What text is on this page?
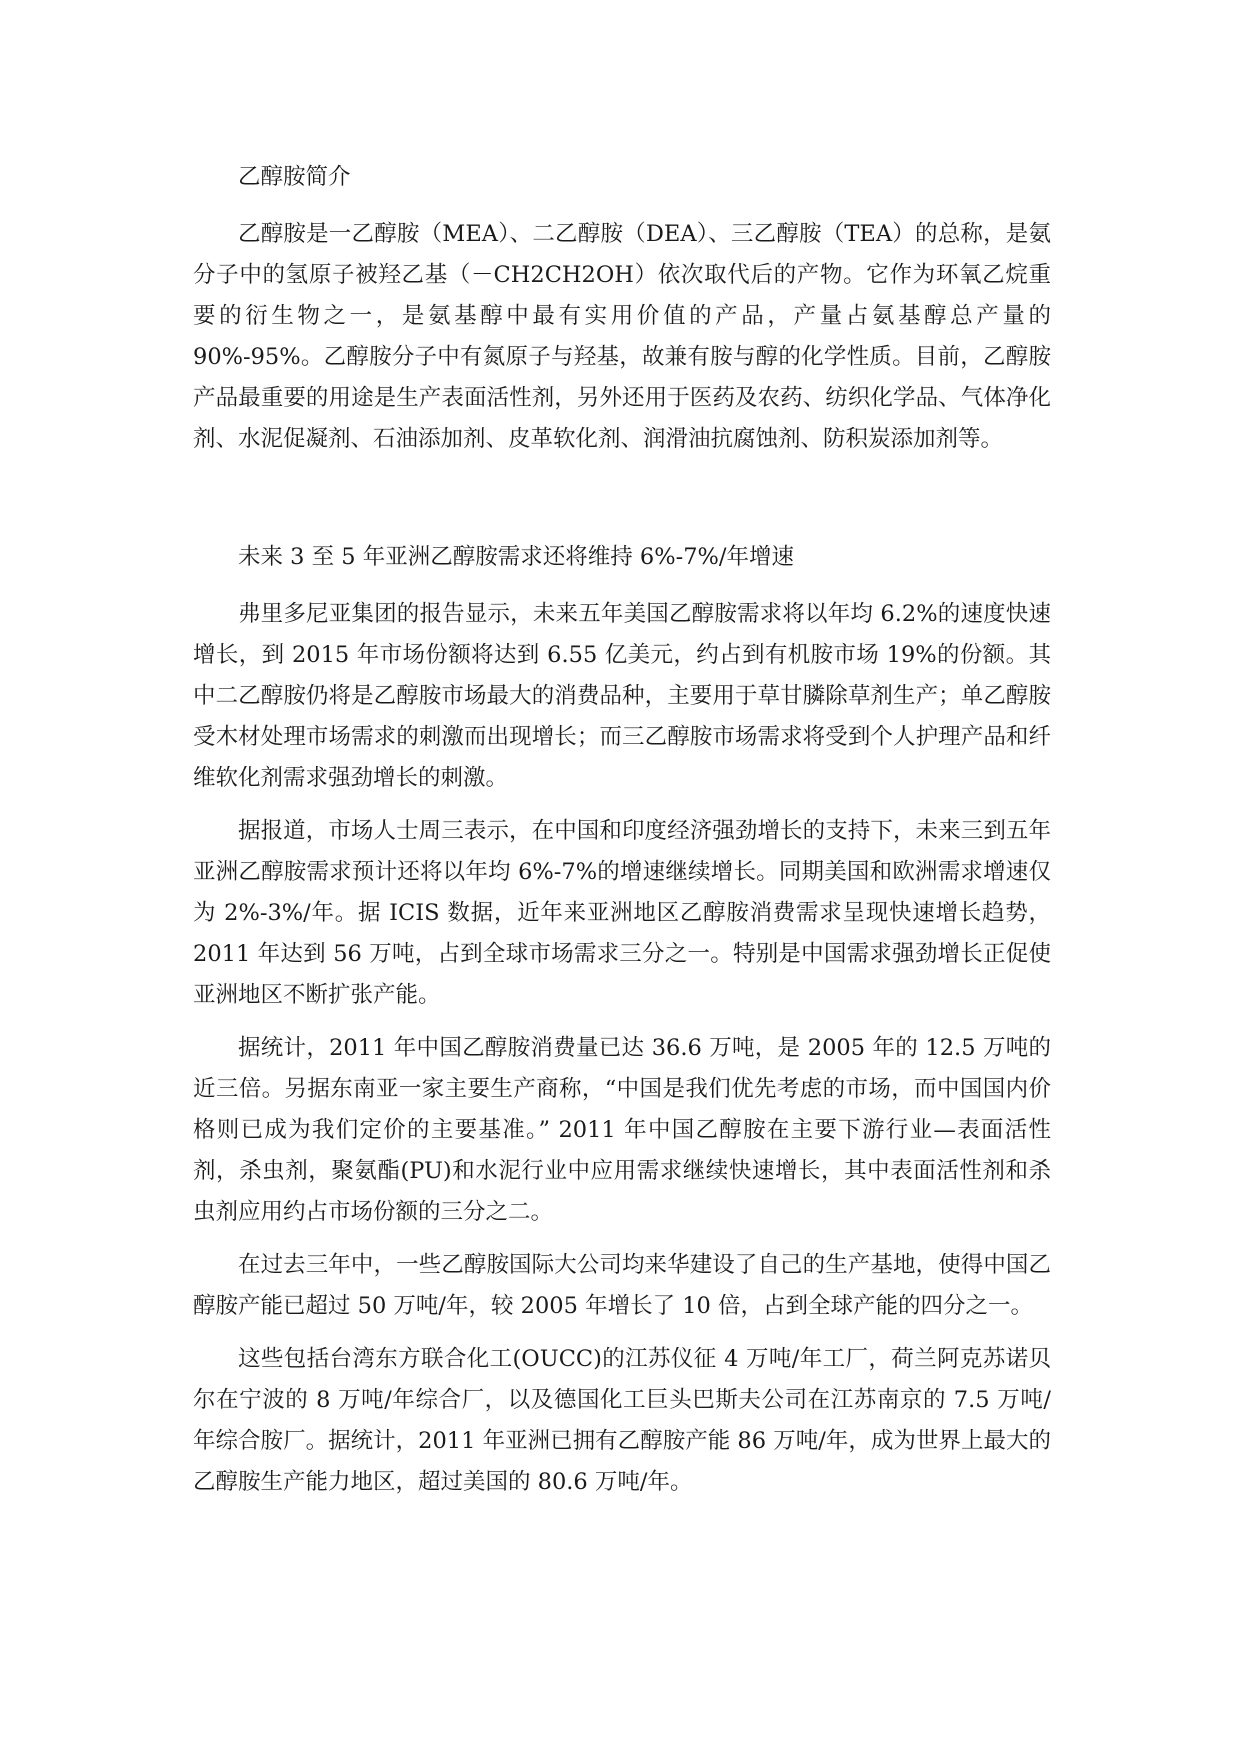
乙醇胺简介

乙醇胺是一乙醇胺（MEA）、二乙醇胺（DEA）、三乙醇胺（TEA）的总称，是氨分子中的氢原子被羟乙基（－CH2CH2OH）依次取代后的产物。它作为环氧乙烷重要的衍生物之一，是氨基醇中最有实用价值的产品，产量占氨基醇总产量的 90%-95%。乙醇胺分子中有氮原子与羟基，故兼有胺与醇的化学性质。目前，乙醇胺产品最重要的用途是生产表面活性剂，另外还用于医药及农药、纺织化学品、气体净化剂、水泥促凝剂、石油添加剂、皮革软化剂、润滑油抗腐蚀剂、防积炭添加剂等。

未来 3 至 5 年亚洲乙醇胺需求还将维持 6%-7%/年增速

弗里多尼亚集团的报告显示，未来五年美国乙醇胺需求将以年均 6.2%的速度快速增长，到 2015 年市场份额将达到 6.55 亿美元，约占到有机胺市场 19%的份额。其中二乙醇胺仍将是乙醇胺市场最大的消费品种，主要用于草甘膦除草剂生产；单乙醇胺受木材处理市场需求的刺激而出现增长；而三乙醇胺市场需求将受到个人护理产品和纤维软化剂需求强劲增长的刺激。

据报道，市场人士周三表示，在中国和印度经济强劲增长的支持下，未来三到五年亚洲乙醇胺需求预计还将以年均 6%-7%的增速继续增长。同期美国和欧洲需求增速仅为 2%-3%/年。据 ICIS 数据，近年来亚洲地区乙醇胺消费需求呈现快速增长趋势，2011 年达到 56 万吨，占到全球市场需求三分之一。特别是中国需求强劲增长正促使亚洲地区不断扩张产能。

据统计，2011 年中国乙醇胺消费量已达 36.6 万吨，是 2005 年的 12.5 万吨的近三倍。另据东南亚一家主要生产商称，“中国是我们优先考虑的市场，而中国国内价格则已成为我们定价的主要基准。” 2011 年中国乙醇胺在主要下游行业—表面活性剂，杀虫剂，聚氨酯(PU)和水泥行业中应用需求继续快速增长，其中表面活性剂和杀虫剂应用约占市场份额的三分之二。

在过去三年中，一些乙醇胺国际大公司均来华建设了自己的生产基地，使得中国乙醇胺产能已超过 50 万吨/年，较 2005 年增长了 10 倍，占到全球产能的四分之一。

这些包括台湾东方联合化工(OUCC)的江苏仪征 4 万吨/年工厂，荷兰阿克苏诺贝尔在宁波的 8 万吨/年综合厂，以及德国化工巨头巴斯夫公司在江苏南京的 7.5 万吨/年综合胺厂。据统计，2011 年亚洲已拥有乙醇胺产能 86 万吨/年，成为世界上最大的乙醇胺生产能力地区，超过美国的 80.6 万吨/年。
